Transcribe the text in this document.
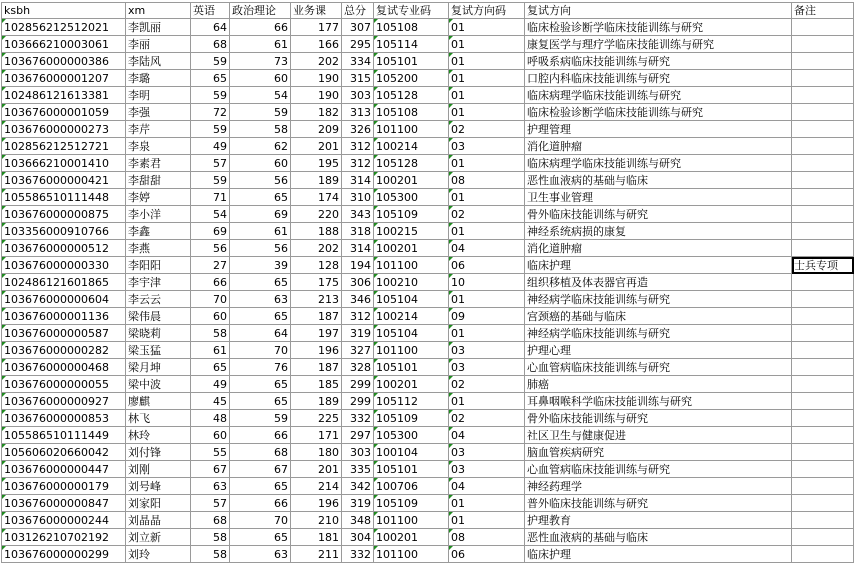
ksbh	xm	英语	政治理论	业务课	总分	复试专业码	复试方向码	复试方向	备注
102856212512021	李凯丽	64	66	177	307	105108	01	临床检验诊断学临床技能训练与研究	
103666210003061	李丽	68	61	166	295	105114	01	康复医学与理疗学临床技能训练与研究	
103676000000386	李陆风	59	73	202	334	105101	01	呼吸系病临床技能训练与研究	
103676000001207	李璐	65	60	190	315	105200	01	口腔内科临床技能训练与研究	
102486121613381	李明	59	54	190	303	105128	01	临床病理学临床技能训练与研究	
103676000001059	李强	72	59	182	313	105108	01	临床检验诊断学临床技能训练与研究	
103676000000273	李芹	59	58	209	326	101100	02	护理管理	
102856212512721	李泉	49	62	201	312	100214	03	消化道肿瘤	
103666210001410	李素君	57	60	195	312	105128	01	临床病理学临床技能训练与研究	
103676000000421	李甜甜	59	56	189	314	100201	08	恶性血液病的基础与临床	
105586510111448	李婷	71	65	174	310	105300	01	卫生事业管理	
103676000000875	李小洋	54	69	220	343	105109	02	骨外临床技能训练与研究	
103356000910766	李鑫	69	61	188	318	100215	01	神经系统病损的康复	
103676000000512	李燕	56	56	202	314	100201	04	消化道肿瘤	
103676000000330	李阳阳	27	39	128	194	101100	06	临床护理	士兵专项
102486121601865	李宇津	66	65	175	306	100210	10	组织移植及体表器官再造	
103676000000604	李云云	70	63	213	346	105104	01	神经病学临床技能训练与研究	
103676000001136	梁伟晨	60	65	187	312	100214	09	宫颈癌的基础与临床	
103676000000587	梁晓莉	58	64	197	319	105104	01	神经病学临床技能训练与研究	
103676000000282	梁玉猛	61	70	196	327	101100	03	护理心理	
103676000000468	梁月坤	65	76	187	328	105101	03	心血管病临床技能训练与研究	
103676000000055	梁中波	49	65	185	299	100201	02	肺癌	
103676000000927	廖麒	45	65	189	299	105112	01	耳鼻咽喉科学临床技能训练与研究	
103676000000853	林飞	48	59	225	332	105109	02	骨外临床技能训练与研究	
105586510111449	林玲	60	66	171	297	105300	04	社区卫生与健康促进	
105606020660042	刘付锋	55	68	180	303	100104	03	脑血管疾病研究	
103676000000447	刘刚	67	67	201	335	105101	03	心血管病临床技能训练与研究	
103676000000179	刘号峰	63	65	214	342	100706	04	神经药理学	
103676000000847	刘家阳	57	66	196	319	105109	01	普外临床技能训练与研究	
103676000000244	刘晶晶	68	70	210	348	101100	01	护理教育	
103126210702192	刘立新	58	65	181	304	100201	08	恶性血液病的基础与临床	
103676000000299	刘玲	58	63	211	332	101100	06	临床护理	
